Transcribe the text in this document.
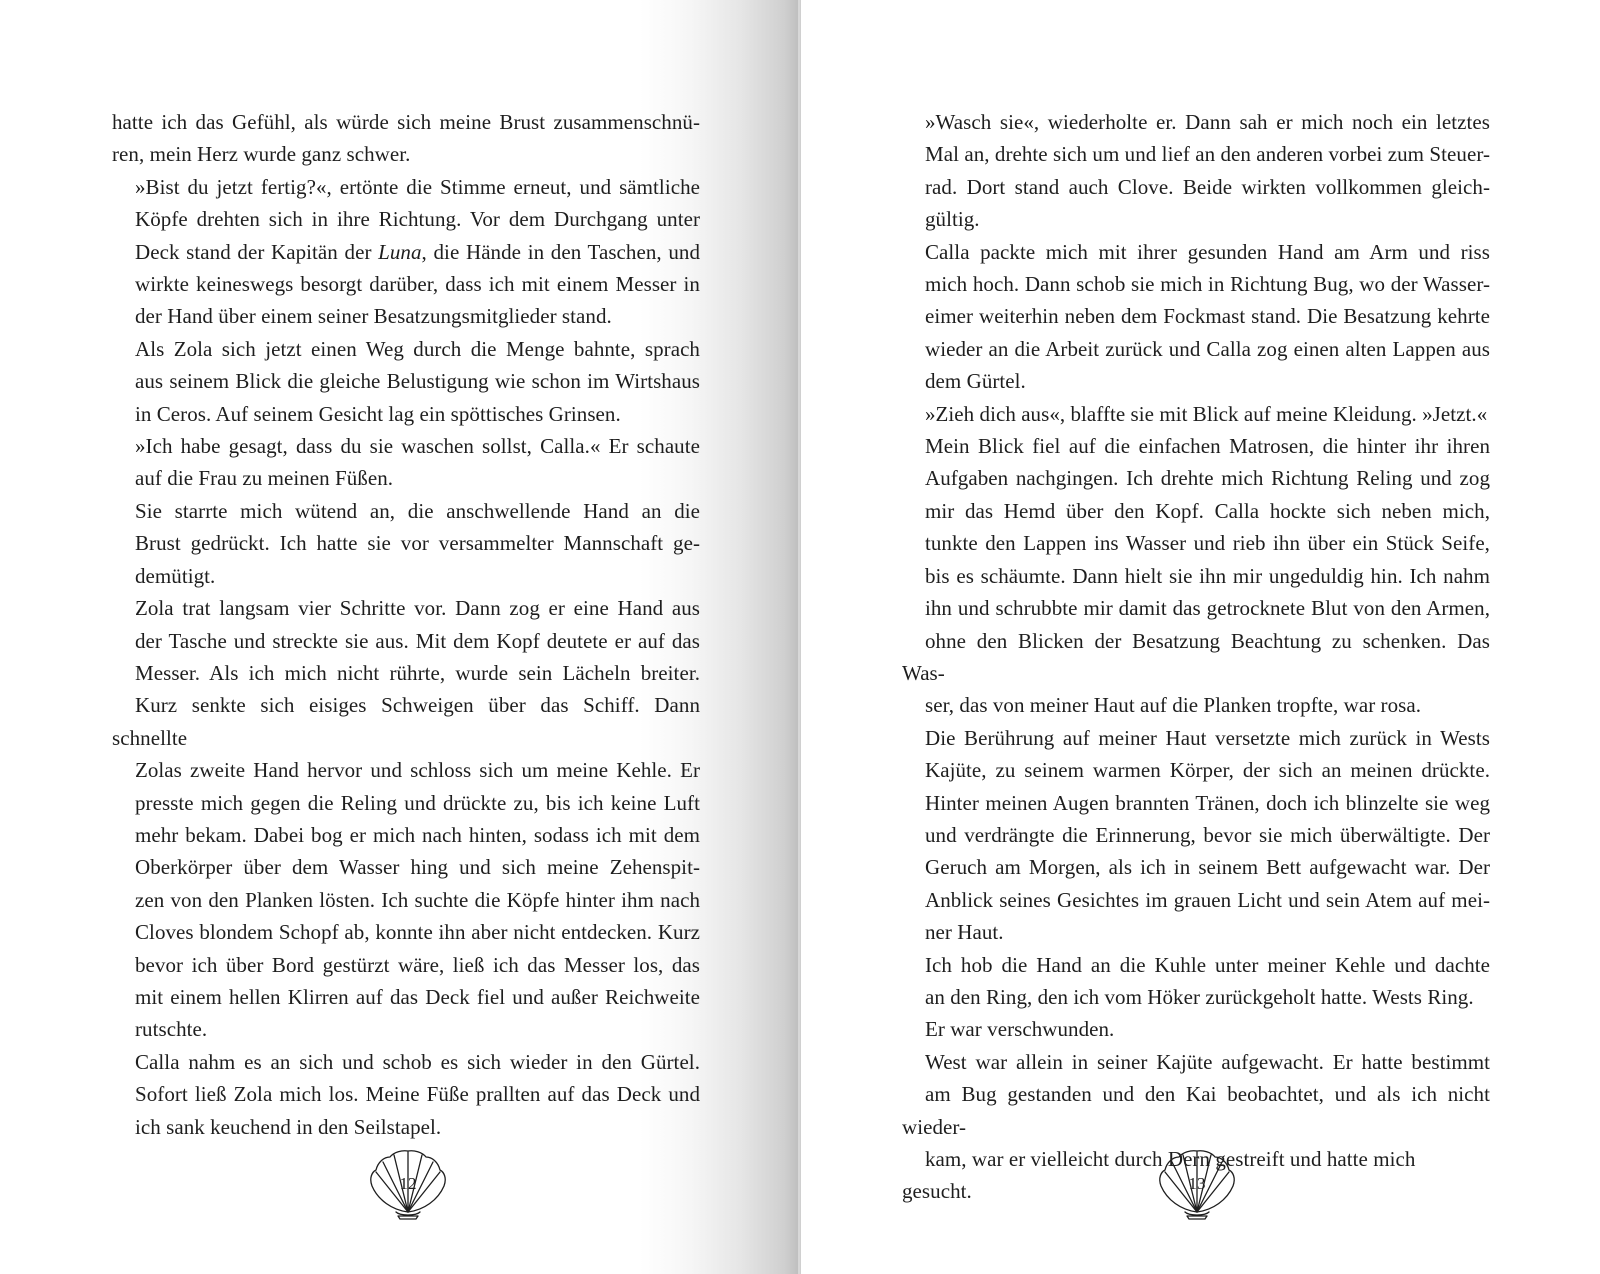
hatte ich das Gefühl, als würde sich meine Brust zusammenschnü-
ren, mein Herz wurde ganz schwer.

»Bist du jetzt fertig?«, ertönte die Stimme erneut, und sämtliche
Köpfe drehten sich in ihre Richtung. Vor dem Durchgang unter
Deck stand der Kapitän der Luna, die Hände in den Taschen, und
wirkte keineswegs besorgt darüber, dass ich mit einem Messer in
der Hand über einem seiner Besatzungsmitglieder stand.

Als Zola sich jetzt einen Weg durch die Menge bahnte, sprach
aus seinem Blick die gleiche Belustigung wie schon im Wirtshaus
in Ceros. Auf seinem Gesicht lag ein spöttisches Grinsen.

»Ich habe gesagt, dass du sie waschen sollst, Calla.« Er schaute
auf die Frau zu meinen Füßen.

Sie starrte mich wütend an, die anschwellende Hand an die
Brust gedrückt. Ich hatte sie vor versammelter Mannschaft ge-
demütigt.

Zola trat langsam vier Schritte vor. Dann zog er eine Hand aus
der Tasche und streckte sie aus. Mit dem Kopf deutete er auf das
Messer. Als ich mich nicht rührte, wurde sein Lächeln breiter.
Kurz senkte sich eisiges Schweigen über das Schiff. Dann schnellte
Zolas zweite Hand hervor und schloss sich um meine Kehle. Er
presste mich gegen die Reling und drückte zu, bis ich keine Luft
mehr bekam. Dabei bog er mich nach hinten, sodass ich mit dem
Oberkörper über dem Wasser hing und sich meine Zehenspit-
zen von den Planken lösten. Ich suchte die Köpfe hinter ihm nach
Cloves blondem Schopf ab, konnte ihn aber nicht entdecken. Kurz
bevor ich über Bord gestürzt wäre, ließ ich das Messer los, das
mit einem hellen Klirren auf das Deck fiel und außer Reichweite
rutschte.

Calla nahm es an sich und schob es sich wieder in den Gürtel.
Sofort ließ Zola mich los. Meine Füße prallten auf das Deck und
ich sank keuchend in den Seilstapel.

12

»Wasch sie«, wiederholte er. Dann sah er mich noch ein letztes
Mal an, drehte sich um und lief an den anderen vorbei zum Steuer-
rad. Dort stand auch Clove. Beide wirkten vollkommen gleich-
gültig.

Calla packte mich mit ihrer gesunden Hand am Arm und riss
mich hoch. Dann schob sie mich in Richtung Bug, wo der Wasser-
eimer weiterhin neben dem Fockmast stand. Die Besatzung kehrte
wieder an die Arbeit zurück und Calla zog einen alten Lappen aus
dem Gürtel.

»Zieh dich aus«, blaffte sie mit Blick auf meine Kleidung. »Jetzt.«

Mein Blick fiel auf die einfachen Matrosen, die hinter ihr ihren
Aufgaben nachgingen. Ich drehte mich Richtung Reling und zog
mir das Hemd über den Kopf. Calla hockte sich neben mich,
tunkte den Lappen ins Wasser und rieb ihn über ein Stück Seife,
bis es schäumte. Dann hielt sie ihn mir ungeduldig hin. Ich nahm
ihn und schrubbte mir damit das getrocknete Blut von den Armen,
ohne den Blicken der Besatzung Beachtung zu schenken. Das Was-
ser, das von meiner Haut auf die Planken tropfte, war rosa.

Die Berührung auf meiner Haut versetzte mich zurück in Wests
Kajüte, zu seinem warmen Körper, der sich an meinen drückte.
Hinter meinen Augen brannten Tränen, doch ich blinzelte sie weg
und verdrängte die Erinnerung, bevor sie mich überwältigte. Der
Geruch am Morgen, als ich in seinem Bett aufgewacht war. Der
Anblick seines Gesichtes im grauen Licht und sein Atem auf mei-
ner Haut.

Ich hob die Hand an die Kuhle unter meiner Kehle und dachte
an den Ring, den ich vom Höker zurückgeholt hatte. Wests Ring.

Er war verschwunden.

West war allein in seiner Kajüte aufgewacht. Er hatte bestimmt
am Bug gestanden und den Kai beobachtet, und als ich nicht wieder-
kam, war er vielleicht durch Dern gestreift und hatte mich gesucht.	13
